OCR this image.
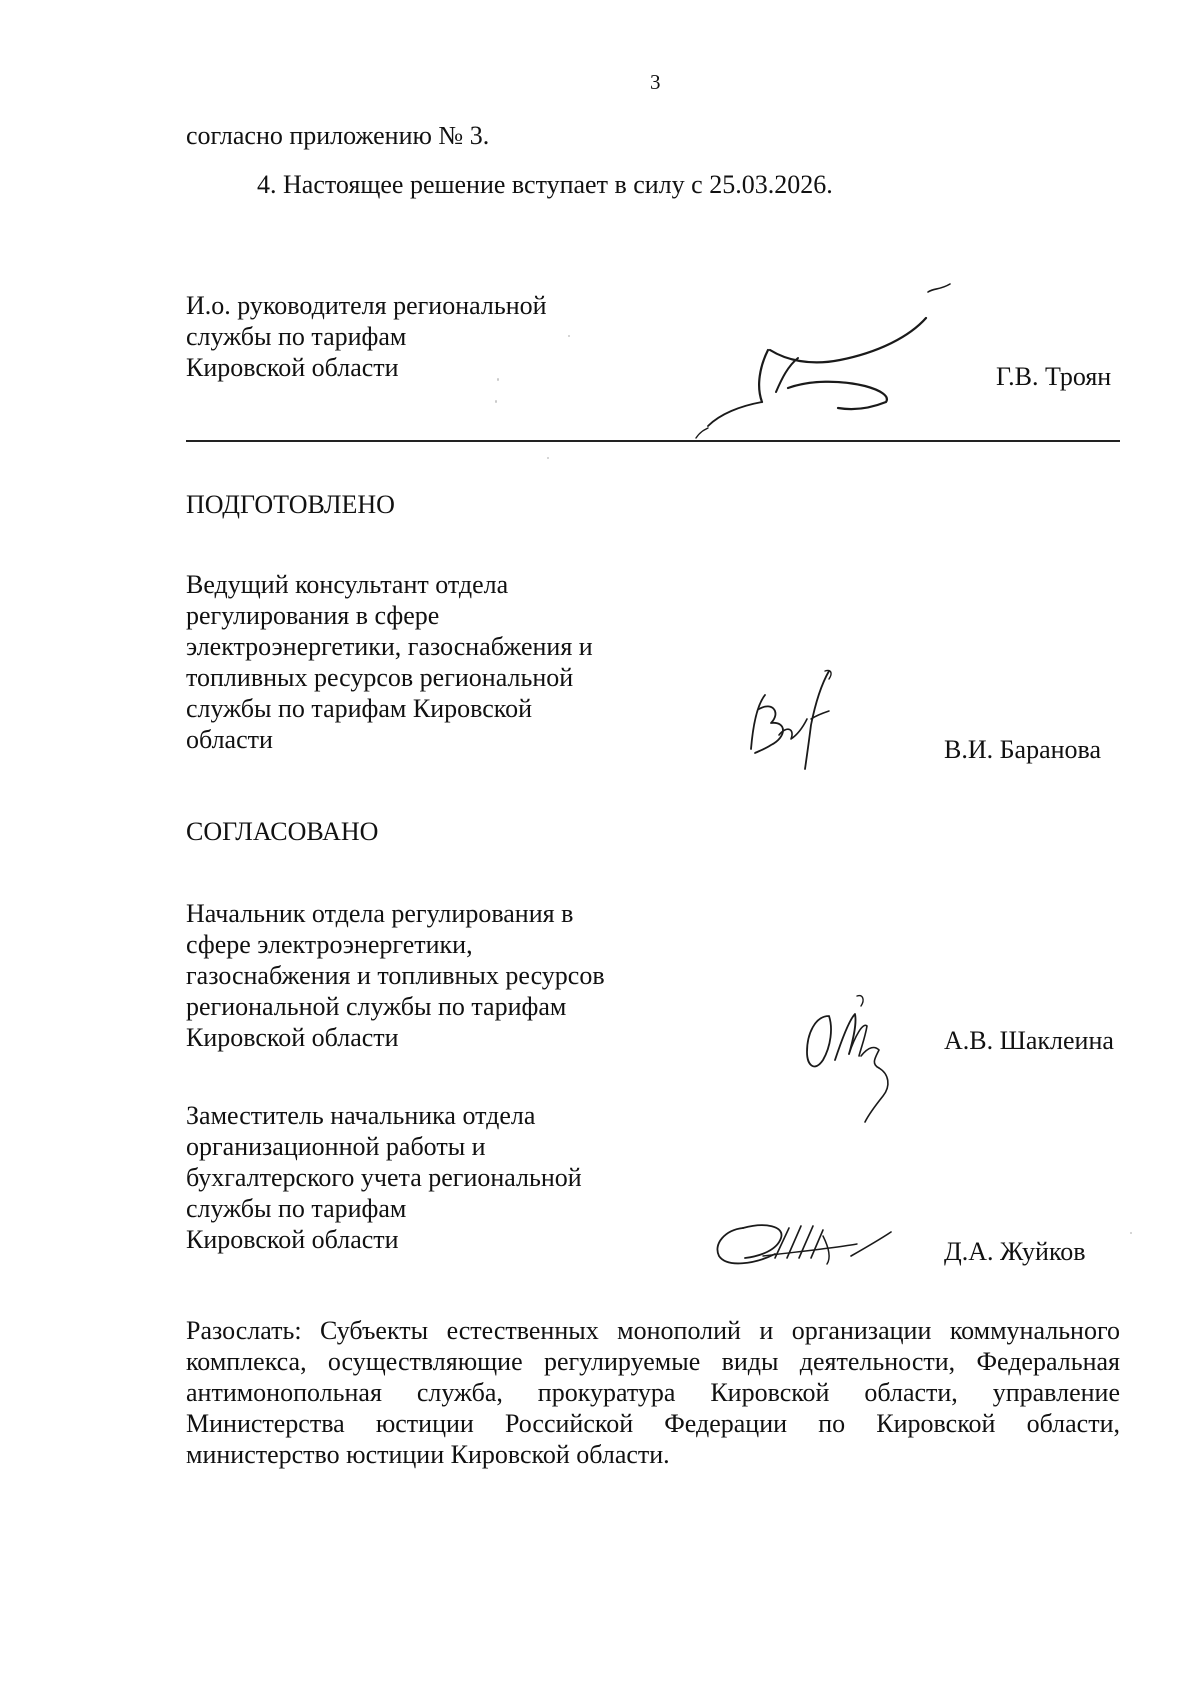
3
согласно приложению № 3.
4. Настоящее решение вступает в силу с 25.03.2026.
И.о. руководителя региональной
службы по тарифам
Кировской области	Г.В. Троян
ПОДГОТОВЛЕНО
Ведущий консультант отдела
регулирования в сфере
электроэнергетики, газоснабжения и
топливных ресурсов региональной
службы по тарифам Кировской
области	В.И. Баранова
СОГЛАСОВАНО
Начальник отдела регулирования в
сфере электроэнергетики,
газоснабжения и топливных ресурсов
региональной службы по тарифам
Кировской области	А.В. Шаклеина
Заместитель начальника отдела
организационной работы и
бухгалтерского учета региональной
службы по тарифам
Кировской области	Д.А. Жуйков
Разослать: Субъекты естественных монополий и организации коммунального
комплекса, осуществляющие регулируемые виды деятельности, Федеральная
антимонопольная служба, прокуратура Кировской области, управление
Министерства юстиции Российской Федерации по Кировской области,
министерство юстиции Кировской области.
